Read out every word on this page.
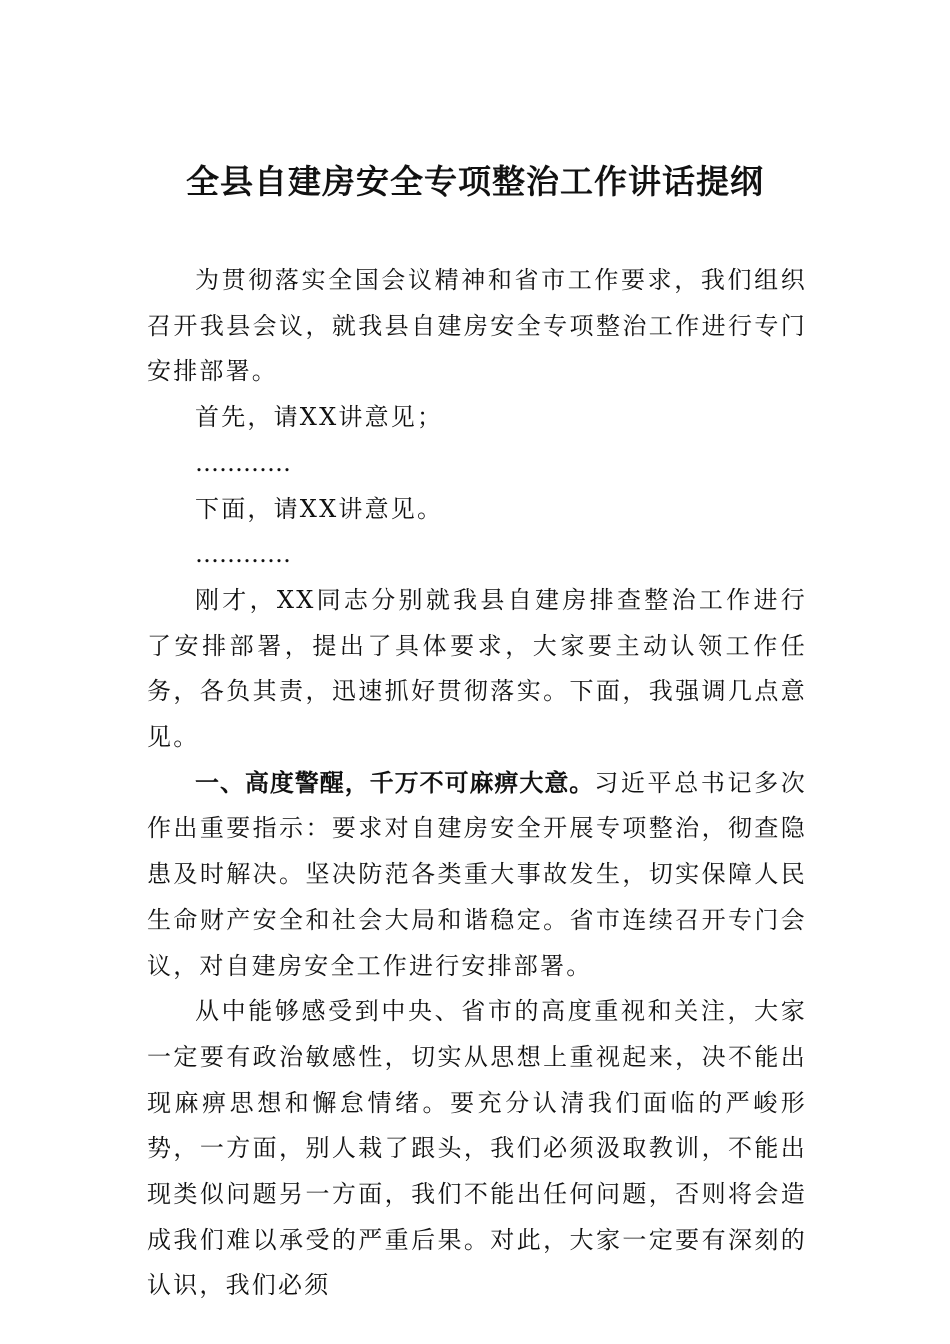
全县自建房安全专项整治工作讲话提纲

为贯彻落实全国会议精神和省市工作要求，我们组织召开我县会议，就我县自建房安全专项整治工作进行专门安排部署。

首先，请XX讲意见；

…………

下面，请XX讲意见。

…………

刚才，XX同志分别就我县自建房排查整治工作进行了安排部署，提出了具体要求，大家要主动认领工作任务，各负其责，迅速抓好贯彻落实。下面，我强调几点意见。

一、高度警醒，千万不可麻痹大意。习近平总书记多次作出重要指示：要求对自建房安全开展专项整治，彻查隐患及时解决。坚决防范各类重大事故发生，切实保障人民生命财产安全和社会大局和谐稳定。省市连续召开专门会议，对自建房安全工作进行安排部署。

从中能够感受到中央、省市的高度重视和关注，大家一定要有政治敏感性，切实从思想上重视起来，决不能出现麻痹思想和懈怠情绪。要充分认清我们面临的严峻形势，一方面，别人栽了跟头，我们必须汲取教训，不能出现类似问题另一方面，我们不能出任何问题，否则将会造成我们难以承受的严重后果。对此，大家一定要有深刻的认识，我们必须
